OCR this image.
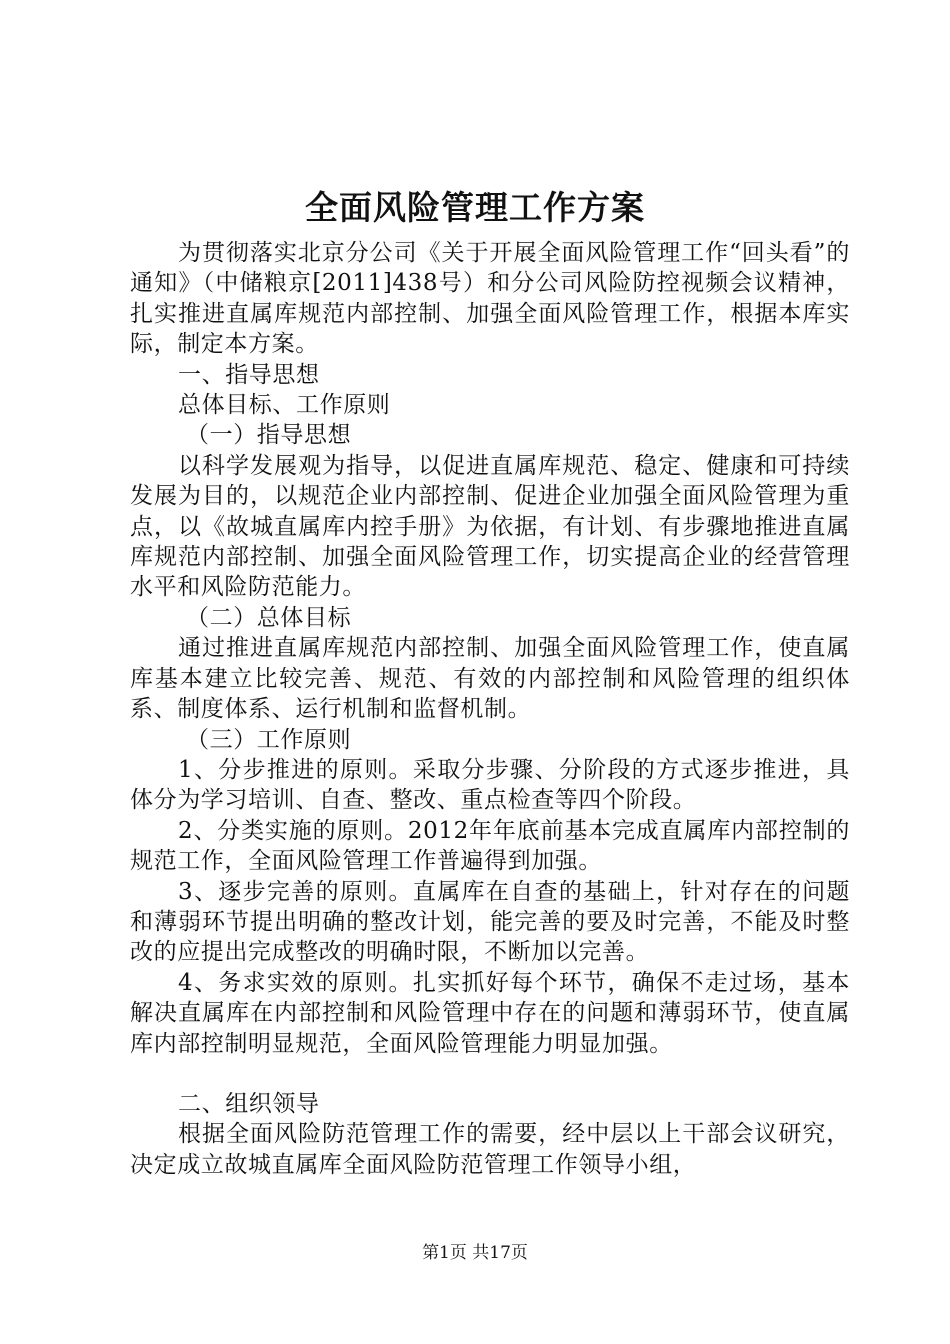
全面风险管理工作方案

为贯彻落实北京分公司《关于开展全面风险管理工作“回头看”的通知》（中储粮京[2011]438号）和分公司风险防控视频会议精神，扎实推进直属库规范内部控制、加强全面风险管理工作，根据本库实际，制定本方案。

一、指导思想

总体目标、工作原则

（一）指导思想

以科学发展观为指导，以促进直属库规范、稳定、健康和可持续发展为目的，以规范企业内部控制、促进企业加强全面风险管理为重点，以《故城直属库内控手册》为依据，有计划、有步骤地推进直属库规范内部控制、加强全面风险管理工作，切实提高企业的经营管理水平和风险防范能力。

（二）总体目标

通过推进直属库规范内部控制、加强全面风险管理工作，使直属库基本建立比较完善、规范、有效的内部控制和风险管理的组织体系、制度体系、运行机制和监督机制。

（三）工作原则

1、分步推进的原则。采取分步骤、分阶段的方式逐步推进，具体分为学习培训、自查、整改、重点检查等四个阶段。

2、分类实施的原则。2012年年底前基本完成直属库内部控制的规范工作，全面风险管理工作普遍得到加强。

3、逐步完善的原则。直属库在自查的基础上，针对存在的问题和薄弱环节提出明确的整改计划，能完善的要及时完善，不能及时整改的应提出完成整改的明确时限，不断加以完善。

4、务求实效的原则。扎实抓好每个环节，确保不走过场，基本解决直属库在内部控制和风险管理中存在的问题和薄弱环节，使直属库内部控制明显规范，全面风险管理能力明显加强。

二、组织领导

根据全面风险防范管理工作的需要，经中层以上干部会议研究，决定成立故城直属库全面风险防范管理工作领导小组，

第1页 共17页
